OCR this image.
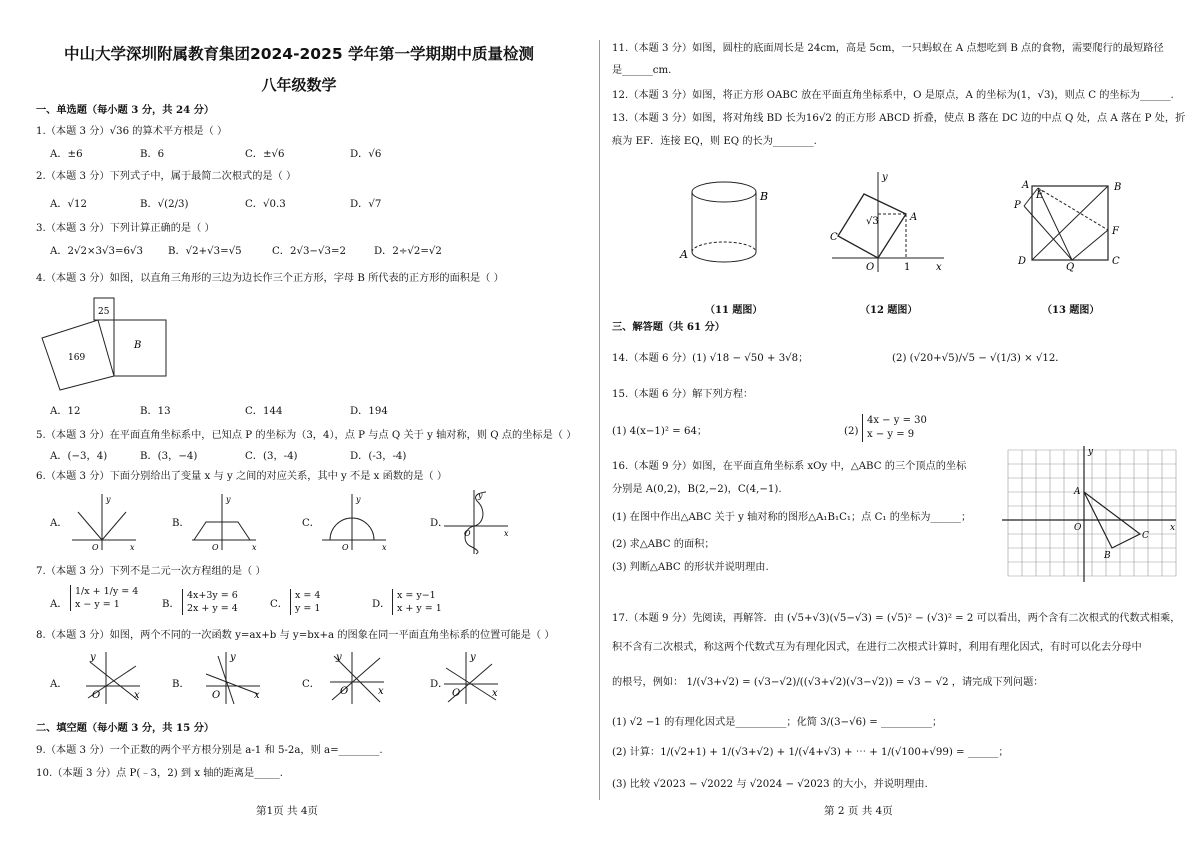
中山大学深圳附属教育集团2024-2025 学年第一学期期中质量检测
八年级数学
一、单选题（每小题 3 分，共 24 分）
1.（本题 3 分）√36 的算术平方根是（ ）
A．±6	B．6	C．±√6	D．√6
2.（本题 3 分）下列式子中，属于最简二次根式的是（ ）
A．√12	B．√(2/3)	C．√0.3	D．√7
3.（本题 3 分）下列计算正确的是（ ）
A．2√2×3√3=6√3 B．√2+√3=√5	C．2√3−√3=2	D．2÷√2=√2
4.（本题 3 分）如图，以直角三角形的三边为边长作三个正方形，字母 B 所代表的正方形的面积是（ ）
25
169
B
A．12	B．13	C．144	D．194
5.（本题 3 分）在平面直角坐标系中，已知点 P 的坐标为（3，4），点 P 与点 Q 关于 y 轴对称，则 Q 点的坐标是（ ）
A．(−3，4)	B．(3，−4)	C．(3，-4)	D．(-3，-4)
6.（本题 3 分）下面分别给出了变量 x 与 y 之间的对应关系，其中 y 不是 x 函数的是（ ）
A．
y
x
O
B．
y
x
O
C．
y
x
O
D．
y
x
O
7.（本题 3 分）下列不是二元一次方程组的是（ ）
A．
1/x + 1/y = 4
x − y = 1	B．
4x+3y = 6
2x + y = 4	C．
x = 4
y = 1	D．
x = y−1
x + y = 1
8.（本题 3 分）如图，两个不同的一次函数 y=ax+b 与 y=bx+a 的图象在同一平面直角坐标系的位置可能是（ ）
A．
y
x
O
B．
y
x
O
C．
y
x
O
D．
y
x
O
二、填空题（每小题 3 分，共 15 分）
9.（本题 3 分）一个正数的两个平方根分别是 a-1 和 5-2a，则 a=________.
10.（本题 3 分）点 P(﹣3，2) 到 x 轴的距离是_____.
第1页 共 4页
11.（本题 3 分）如图，圆柱的底面周长是 24cm，高是 5cm，一只蚂蚁在 A 点想吃到 B 点的食物，需要爬行的最短路径
是______cm.
12.（本题 3 分）如图，将正方形 OABC 放在平面直角坐标系中，O 是原点，A 的坐标为(1，√3)，则点 C 的坐标为______.
13.（本题 3 分）如图，将对角线 BD 长为16√2 的正方形 ABCD 折叠，使点 B 落在 DC 边的中点 Q 处，点 A 落在 P 处，折
痕为 EF．连接 EQ，则 EQ 的长为________.
B
A
（11 题图）
y
x
O	1
A
C
√3
（12 题图）
A
E
B
P
F
D
Q
C
（13 题图）
三、解答题（共 61 分）
14.（本题 6 分）(1) √18 − √50 + 3√8；	(2) (√20+√5)/√5 − √(1/3) × √12．
15.（本题 6 分）解下列方程：
(1) 4(x−1)² = 64；	(2)
4x − y = 30
x − y = 9
16.（本题 9 分）如图，在平面直角坐标系 xOy 中，△ABC 的三个顶点的坐标
分别是 A(0,2)，B(2,−2)，C(4,−1).
(1) 在图中作出△ABC 关于 y 轴对称的图形△A₁B₁C₁；点 C₁ 的坐标为______；
(2) 求△ABC 的面积；
(3) 判断△ABC 的形状并说明理由.
y
x
O
A
B
C
17.（本题 9 分）先阅读，再解答．由 (√5+√3)(√5−√3) = (√5)² − (√3)² = 2 可以看出，两个含有二次根式的代数式相乘，
积不含有二次根式，称这两个代数式互为有理化因式，在进行二次根式计算时，利用有理化因式，有时可以化去分母中
的根号，例如： 1/(√3+√2) = (√3−√2)/((√3+√2)(√3−√2)) = √3 − √2 ，请完成下列问题：
(1) √2 −1 的有理化因式是__________；化简 3/(3−√6) = __________；
(2) 计算：1/(√2+1) + 1/(√3+√2) + 1/(√4+√3) + ⋯ + 1/(√100+√99) = ______；
(3) 比较 √2023 − √2022 与 √2024 − √2023 的大小，并说明理由.
第 2 页 共 4页
